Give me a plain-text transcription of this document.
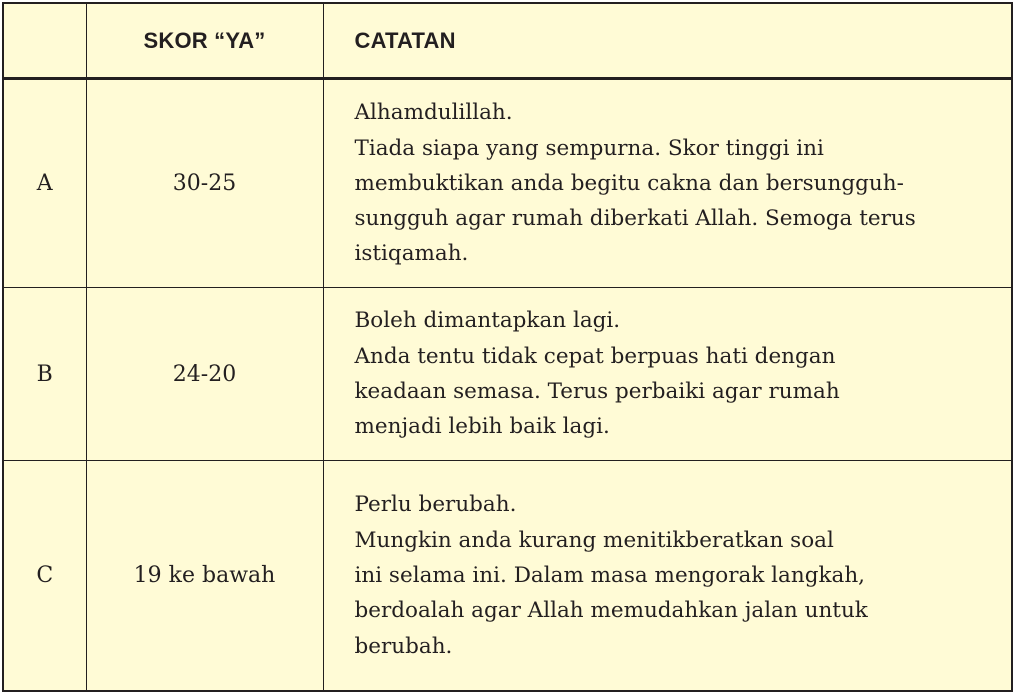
	SKOR “YA”	CATATAN
A	30-25	Alhamdulillah.
Tiada siapa yang sempurna. Skor tinggi ini
membuktikan anda begitu cakna dan bersungguh-
sungguh agar rumah diberkati Allah. Semoga terus
istiqamah.

B	24-20	Boleh dimantapkan lagi.
Anda tentu tidak cepat berpuas hati dengan
keadaan semasa. Terus perbaiki agar rumah
menjadi lebih baik lagi.

C	19 ke bawah	Perlu berubah.
Mungkin anda kurang menitikberatkan soal
ini selama ini. Dalam masa mengorak langkah,
berdoalah agar Allah memudahkan jalan untuk
berubah.
